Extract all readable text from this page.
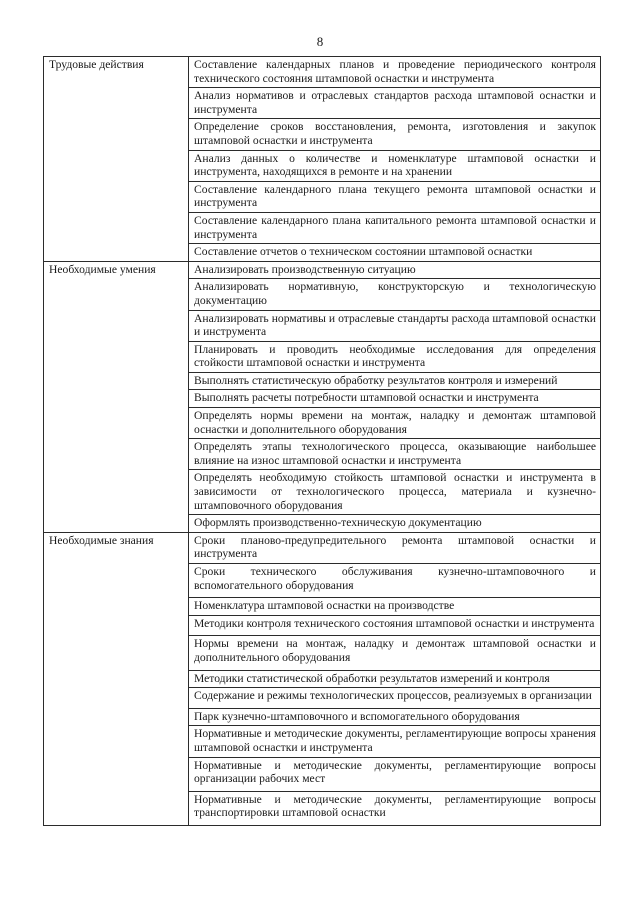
8
Трудовые действия	Составление календарных планов и проведение периодического контроля технического состояния штамповой оснастки и инструмента
	Анализ нормативов и отраслевых стандартов расхода штамповой оснастки и инструмента
	Определение сроков восстановления, ремонта, изготовления и закупок штамповой оснастки и инструмента
	Анализ данных о количестве и номенклатуре штамповой оснастки и инструмента, находящихся в ремонте и на хранении
	Составление календарного плана текущего ремонта штамповой оснастки и инструмента
	Составление календарного плана капитального ремонта штамповой оснастки и инструмента
	Составление отчетов о техническом состоянии штамповой оснастки
Необходимые умения	Анализировать производственную ситуацию
	Анализировать нормативную, конструкторскую и технологическую документацию
	Анализировать нормативы и отраслевые стандарты расхода штамповой оснастки и инструмента
	Планировать и проводить необходимые исследования для определения стойкости штамповой оснастки и инструмента
	Выполнять статистическую обработку результатов контроля и измерений
	Выполнять расчеты потребности штамповой оснастки и инструмента
	Определять нормы времени на монтаж, наладку и демонтаж штамповой оснастки и дополнительного оборудования
	Определять этапы технологического процесса, оказывающие наибольшее влияние на износ штамповой оснастки и инструмента
	Определять необходимую стойкость штамповой оснастки и инструмента в зависимости от технологического процесса, материала и кузнечно-штамповочного оборудования
	Оформлять производственно-техническую документацию
Необходимые знания	Сроки планово-предупредительного ремонта штамповой оснастки и инструмента
	Сроки технического обслуживания кузнечно-штамповочного и вспомогательного оборудования
	Номенклатура штамповой оснастки на производстве
	Методики контроля технического состояния штамповой оснастки и инструмента
	Нормы времени на монтаж, наладку и демонтаж штамповой оснастки и дополнительного оборудования
	Методики статистической обработки результатов измерений и контроля
	Содержание и режимы технологических процессов, реализуемых в организации
	Парк кузнечно-штамповочного и вспомогательного оборудования
	Нормативные и методические документы, регламентирующие вопросы хранения штамповой оснастки и инструмента
	Нормативные и методические документы, регламентирующие вопросы организации рабочих мест
	Нормативные и методические документы, регламентирующие вопросы транспортировки штамповой оснастки
